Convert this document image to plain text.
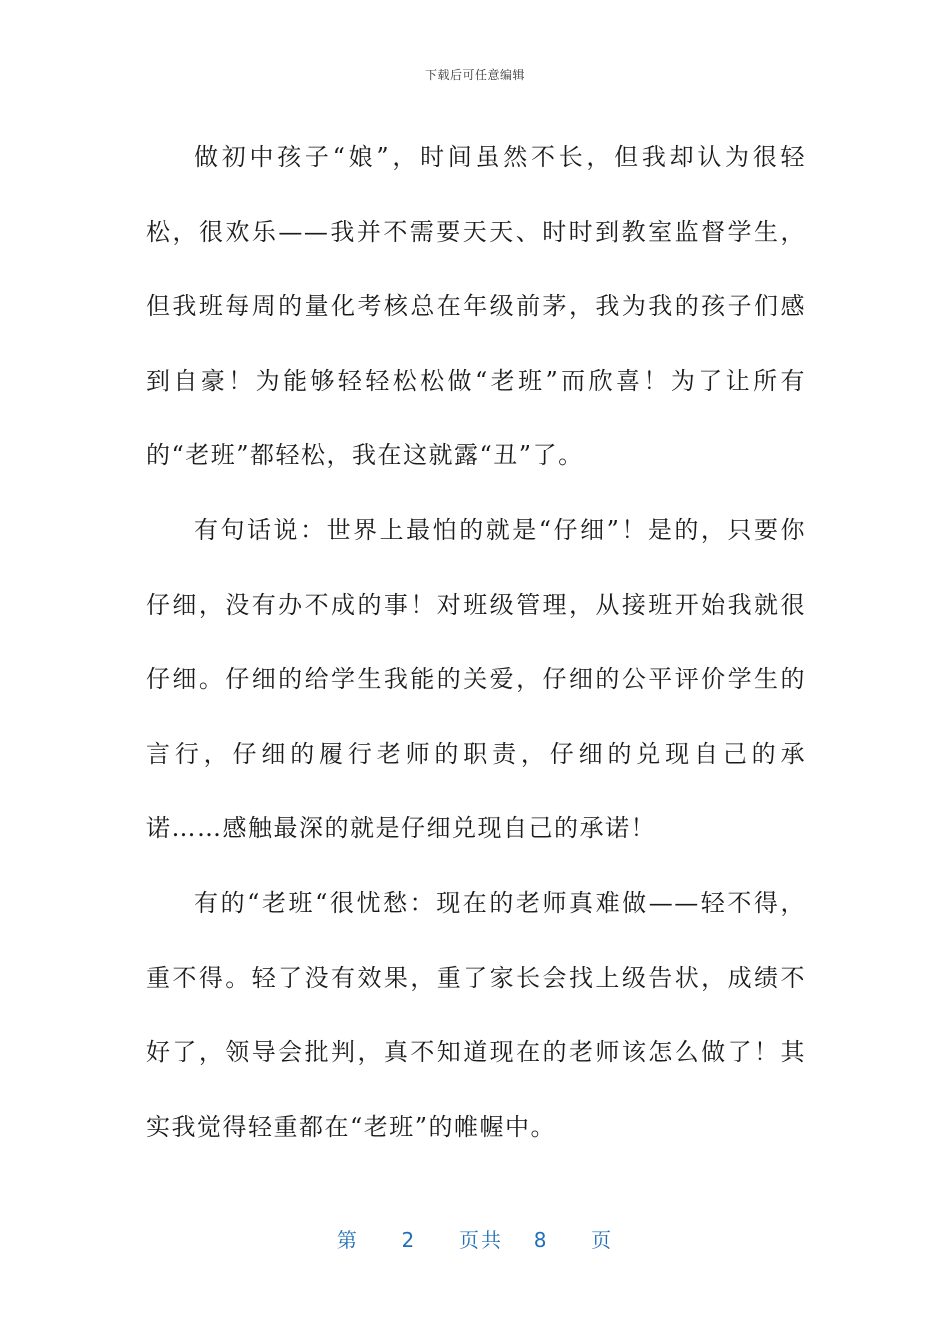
下载后可任意编辑

做初中孩子“娘”，时间虽然不长，但我却认为很轻松，很欢乐——我并不需要天天、时时到教室监督学生，但我班每周的量化考核总在年级前茅，我为我的孩子们感到自豪！为能够轻轻松松做“老班”而欣喜！为了让所有的“老班”都轻松，我在这就露“丑”了。

有句话说：世界上最怕的就是“仔细”！是的，只要你仔细，没有办不成的事！对班级管理，从接班开始我就很仔细。仔细的给学生我能的关爱，仔细的公平评价学生的言行，仔细的履行老师的职责，仔细的兑现自己的承诺……感触最深的就是仔细兑现自己的承诺！

有的“老班“很忧愁：现在的老师真难做——轻不得，重不得。轻了没有效果，重了家长会找上级告状，成绩不好了，领导会批判，真不知道现在的老师该怎么做了！其实我觉得轻重都在“老班”的帷幄中。

第 2 页共 8 页
